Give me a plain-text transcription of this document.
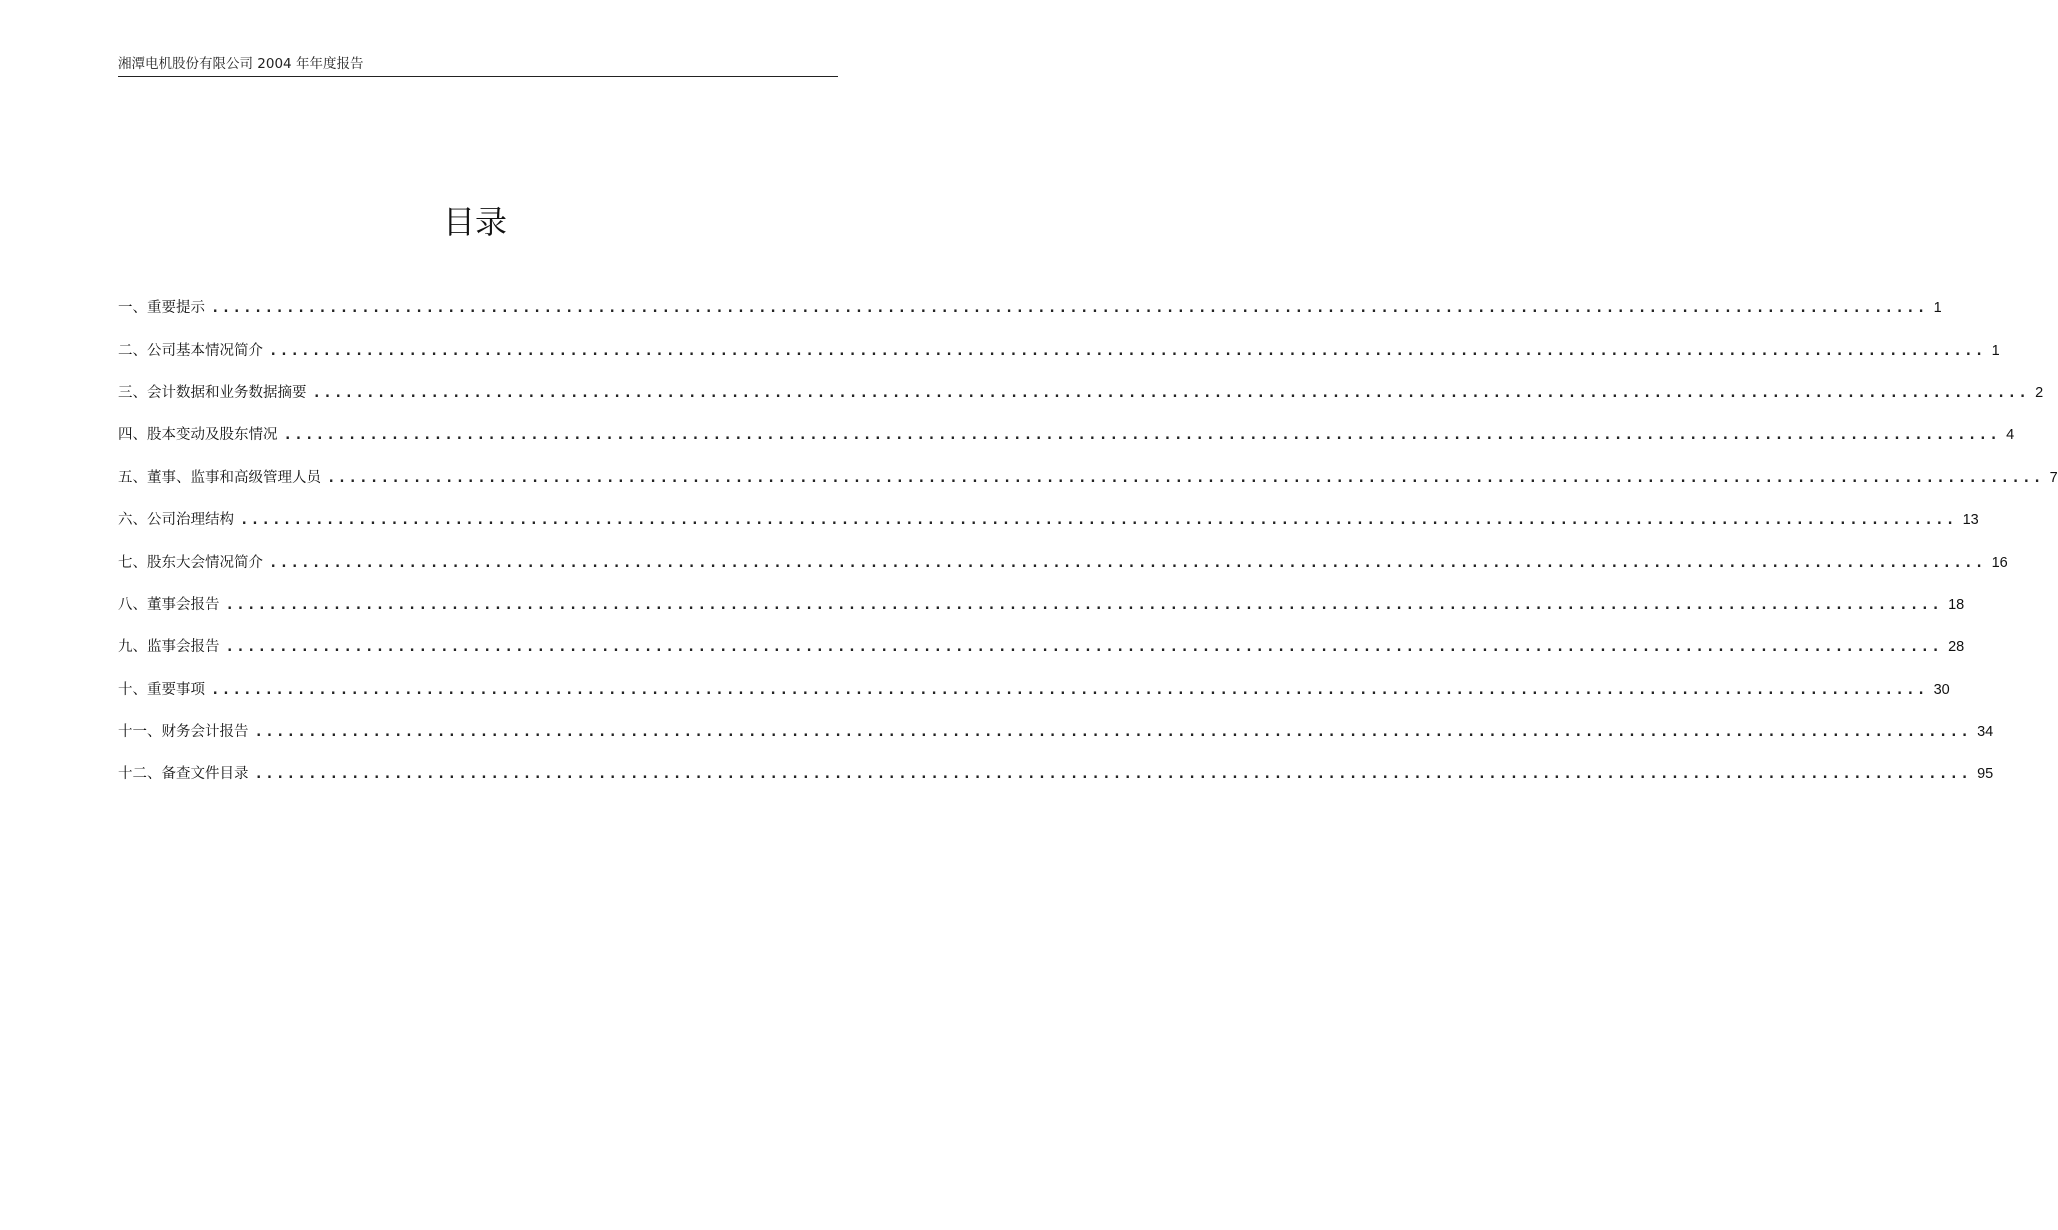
湘潭电机股份有限公司 2004 年年度报告
目录
一、重要提示 ................................................................................................................................................................ 1
二、公司基本情况简介 ................................................................................................................................................................ 1
三、会计数据和业务数据摘要 ................................................................................................................................................................ 2
四、股本变动及股东情况 ................................................................................................................................................................ 4
五、董事、监事和高级管理人员 ................................................................................................................................................................ 7
六、公司治理结构 ................................................................................................................................................................ 13
七、股东大会情况简介 ................................................................................................................................................................ 16
八、董事会报告 ................................................................................................................................................................ 18
九、监事会报告 ................................................................................................................................................................ 28
十、重要事项 ................................................................................................................................................................ 30
十一、财务会计报告 ................................................................................................................................................................ 34
十二、备查文件目录 ................................................................................................................................................................ 95
